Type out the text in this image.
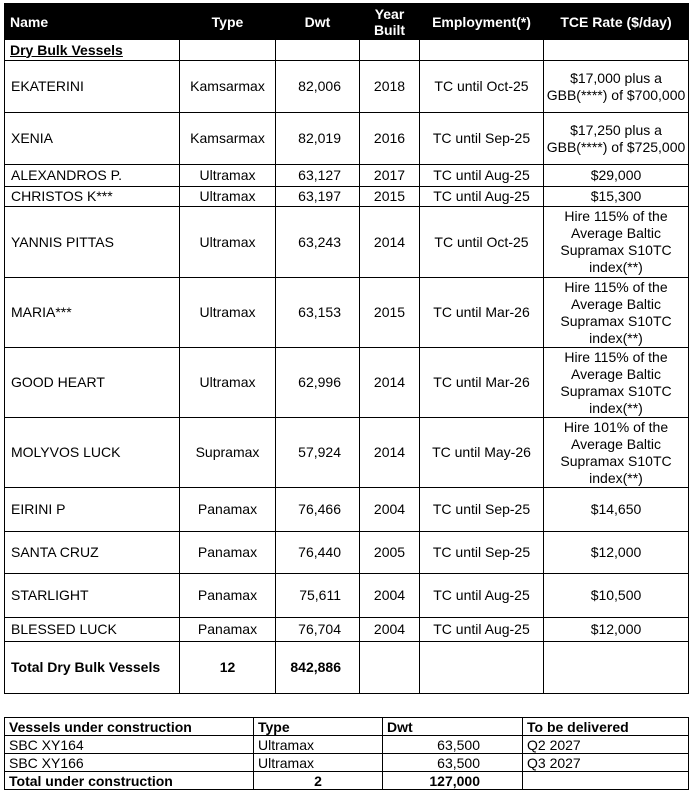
Name	Type	Dwt	Year Built	Employment(*)	TCE Rate ($/day)
Dry Bulk Vessels					
EKATERINI	Kamsarmax	82,006	2018	TC until Oct-25	$17,000 plus a GBB(****) of $700,000
XENIA	Kamsarmax	82,019	2016	TC until Sep-25	$17,250 plus a GBB(****) of $725,000
ALEXANDROS P.	Ultramax	63,127	2017	TC until Aug-25	$29,000
CHRISTOS K***	Ultramax	63,197	2015	TC until Aug-25	$15,300
YANNIS PITTAS	Ultramax	63,243	2014	TC until Oct-25	Hire 115% of the Average Baltic Supramax S10TC index(**)
MARIA***	Ultramax	63,153	2015	TC until Mar-26	Hire 115% of the Average Baltic Supramax S10TC index(**)
GOOD HEART	Ultramax	62,996	2014	TC until Mar-26	Hire 115% of the Average Baltic Supramax S10TC index(**)
MOLYVOS LUCK	Supramax	57,924	2014	TC until May-26	Hire 101% of the Average Baltic Supramax S10TC index(**)
EIRINI P	Panamax	76,466	2004	TC until Sep-25	$14,650
SANTA CRUZ	Panamax	76,440	2005	TC until Sep-25	$12,000
STARLIGHT	Panamax	75,611	2004	TC until Aug-25	$10,500
BLESSED LUCK	Panamax	76,704	2004	TC until Aug-25	$12,000
Total Dry Bulk Vessels	12	842,886			
Vessels under construction	Type	Dwt	To be delivered
SBC XY164	Ultramax	63,500	Q2 2027
SBC XY166	Ultramax	63,500	Q3 2027
Total under construction	2	127,000	
